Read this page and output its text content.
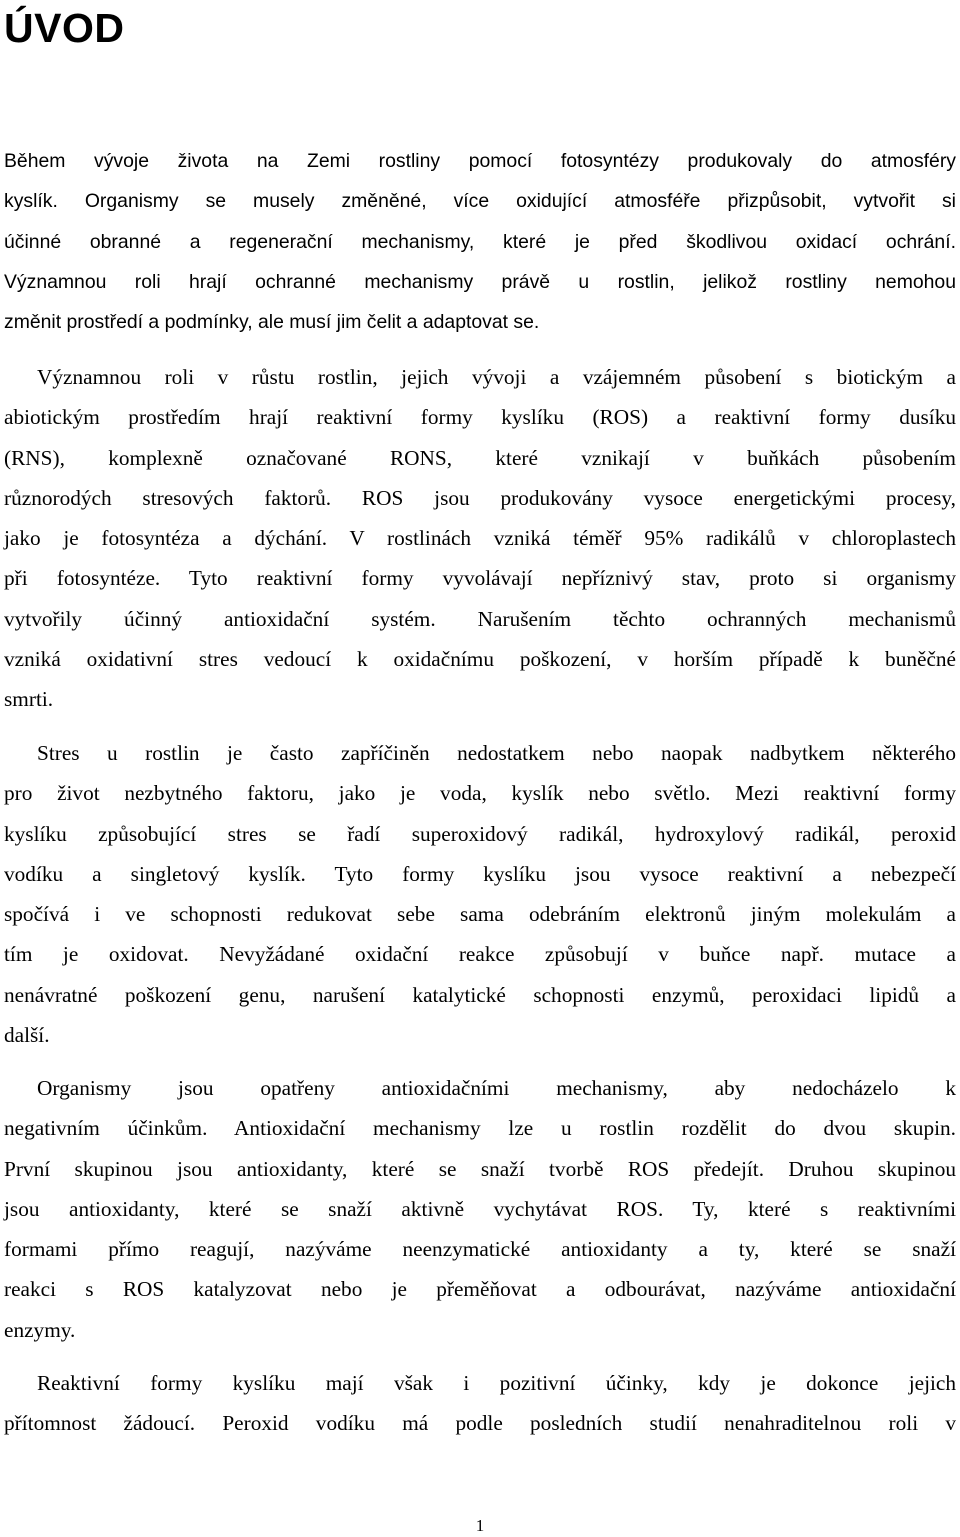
ÚVOD
Během vývoje života na Zemi rostliny pomocí fotosyntézy produkovaly do atmosféry
kyslík. Organismy se musely změněné, více oxidující atmosféře přizpůsobit, vytvořit si
účinné obranné a regenerační mechanismy, které je před škodlivou oxidací ochrání.
Významnou roli hrají ochranné mechanismy právě u rostlin, jelikož rostliny nemohou
změnit prostředí a podmínky, ale musí jim čelit a adaptovat se.
Významnou roli v růstu rostlin, jejich vývoji a vzájemném působení s biotickým a
abiotickým prostředím hrají reaktivní formy kyslíku (ROS) a reaktivní formy dusíku
(RNS), komplexně označované RONS, které vznikají v buňkách působením
různorodých stresových faktorů. ROS jsou produkovány vysoce energetickými procesy,
jako je fotosyntéza a dýchání. V rostlinách vzniká téměř 95% radikálů v chloroplastech
při fotosyntéze. Tyto reaktivní formy vyvolávají nepříznivý stav, proto si organismy
vytvořily účinný antioxidační systém. Narušením těchto ochranných mechanismů
vzniká oxidativní stres vedoucí k oxidačnímu poškození, v horším případě k buněčné
smrti.
Stres u rostlin je často zapříčiněn nedostatkem nebo naopak nadbytkem některého
pro život nezbytného faktoru, jako je voda, kyslík nebo světlo. Mezi reaktivní formy
kyslíku způsobující stres se řadí superoxidový radikál, hydroxylový radikál, peroxid
vodíku a singletový kyslík. Tyto formy kyslíku jsou vysoce reaktivní a nebezpečí
spočívá i ve schopnosti redukovat sebe sama odebráním elektronů jiným molekulám a
tím je oxidovat. Nevyžádané oxidační reakce způsobují v buňce např. mutace a
nenávratné poškození genu, narušení katalytické schopnosti enzymů, peroxidaci lipidů a
další.
Organismy jsou opatřeny antioxidačními mechanismy, aby nedocházelo k
negativním účinkům. Antioxidační mechanismy lze u rostlin rozdělit do dvou skupin.
První skupinou jsou antioxidanty, které se snaží tvorbě ROS předejít. Druhou skupinou
jsou antioxidanty, které se snaží aktivně vychytávat ROS. Ty, které s reaktivními
formami přímo reagují, nazýváme neenzymatické antioxidanty a ty, které se snaží
reakci s ROS katalyzovat nebo je přeměňovat a odbourávat, nazýváme antioxidační
enzymy.
Reaktivní formy kyslíku mají však i pozitivní účinky, kdy je dokonce jejich
přítomnost žádoucí. Peroxid vodíku má podle posledních studií nenahraditelnou roli v
1
